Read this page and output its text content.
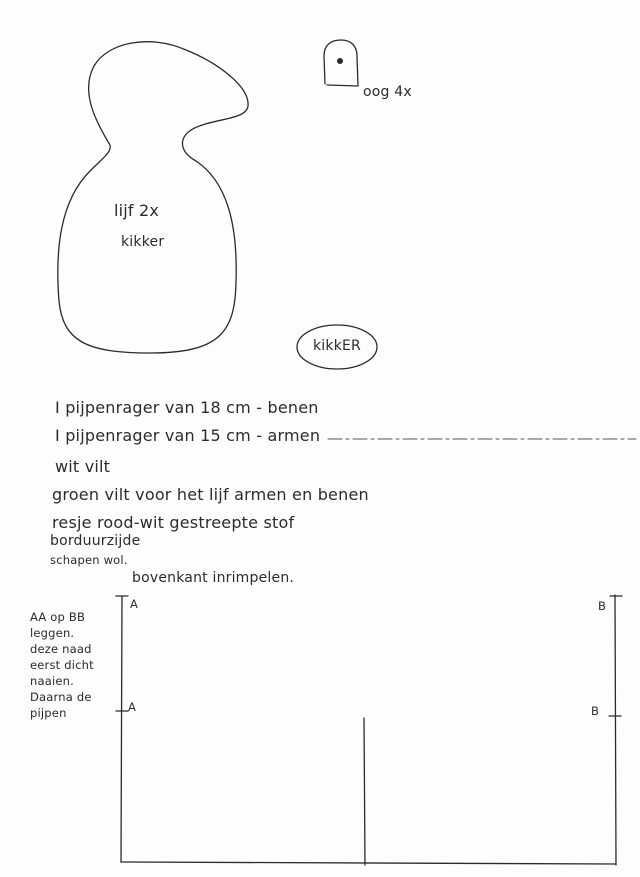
lijf 2x
kikker
oog 4x
kikkER
I pijpenrager van 18 cm - benen
I pijpenrager van 15 cm - armen
wit vilt
groen vilt voor het lijf armen en benen
resje rood-wit gestreepte stof
borduurzijde
schapen wol.
bovenkant inrimpelen.
AA op BB
leggen.
deze naad
eerst dicht
naaien.
Daarna de
pijpen
A
A
B
B
